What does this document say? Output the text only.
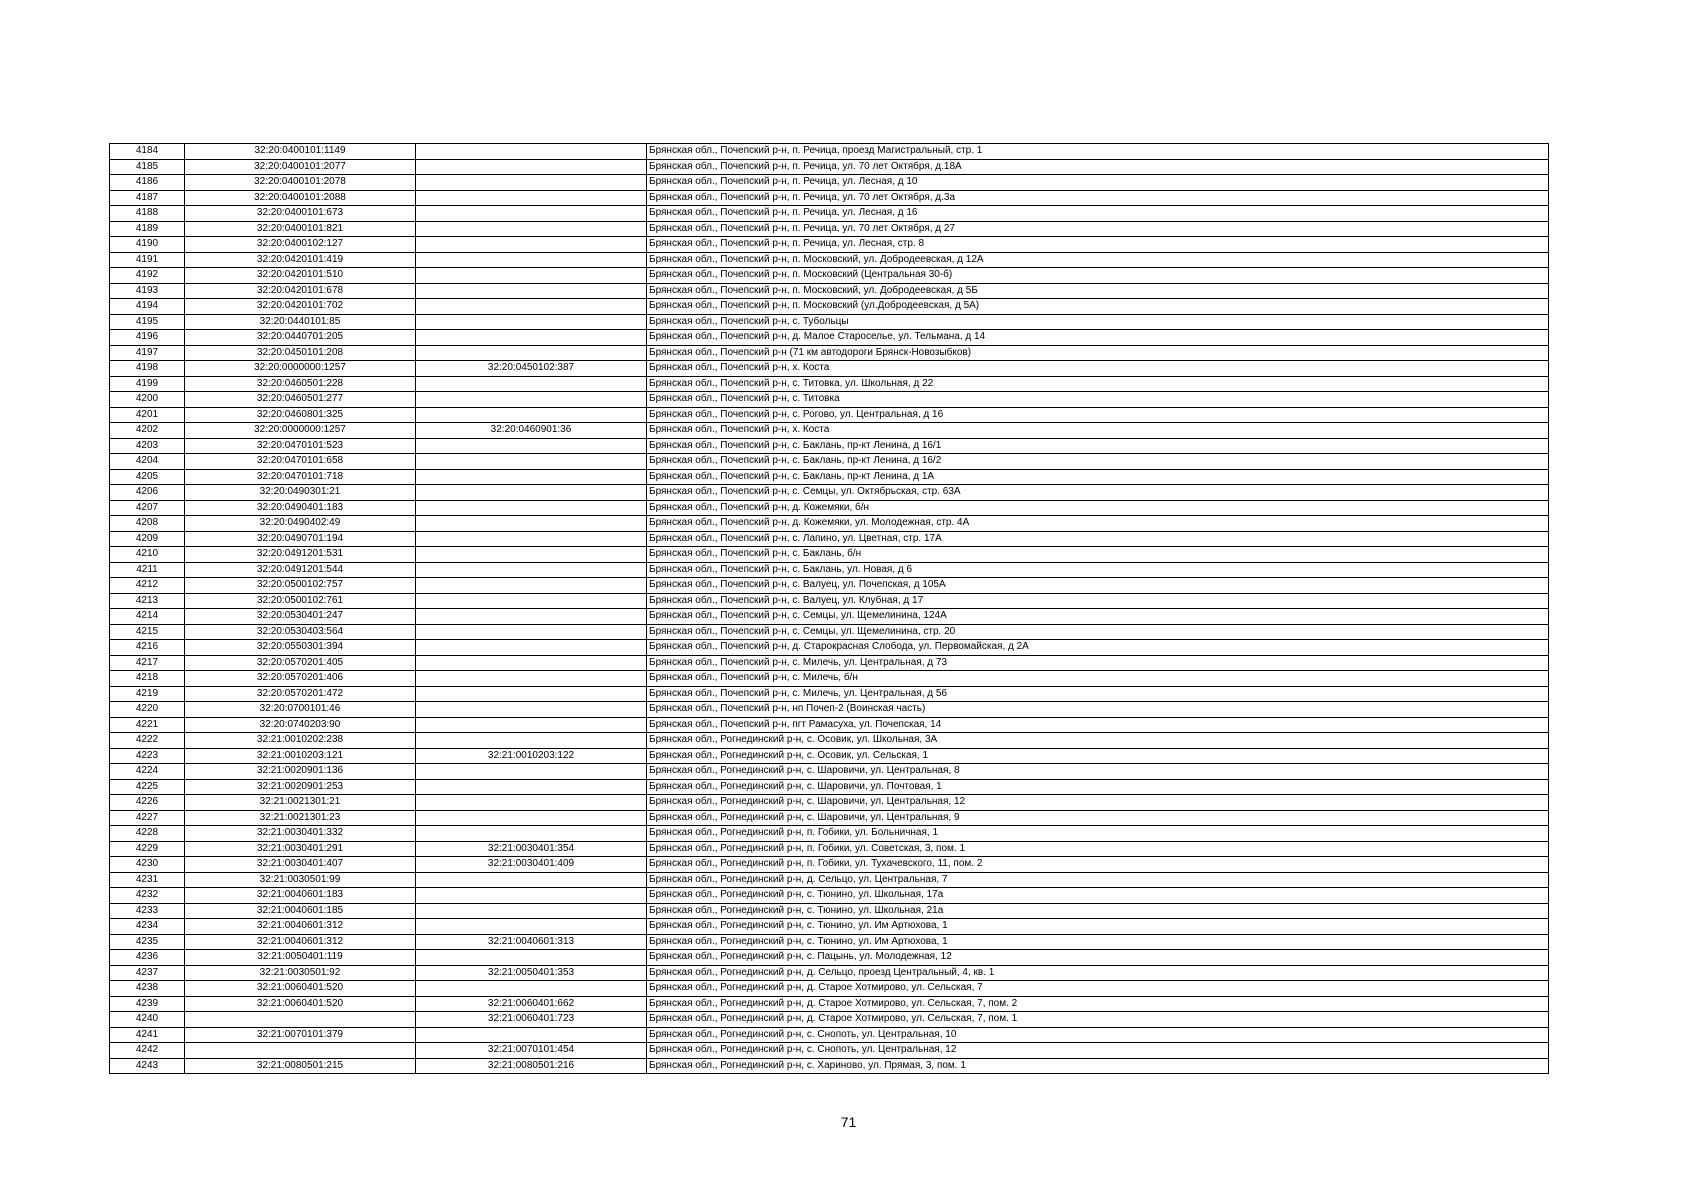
4184	32:20:0400101:1149		Брянская обл., Почепский р-н, п. Речица, проезд Магистральный, стр. 1
4185	32:20:0400101:2077		Брянская обл., Почепский р-н, п. Речица, ул. 70 лет Октября, д.18А
4186	32:20:0400101:2078		Брянская обл., Почепский р-н, п. Речица, ул. Лесная, д 10
4187	32:20:0400101:2088		Брянская обл., Почепский р-н, п. Речица, ул. 70 лет Октября, д.3а
4188	32:20:0400101:673		Брянская обл., Почепский р-н, п. Речица, ул. Лесная, д 16
4189	32:20:0400101:821		Брянская обл., Почепский р-н, п. Речица, ул. 70 лет Октября, д 27
4190	32:20:0400102:127		Брянская обл., Почепский р-н, п. Речица, ул. Лесная, стр. 8
4191	32:20:0420101:419		Брянская обл., Почепский р-н, п. Московский, ул. Добродеевская, д 12А
4192	32:20:0420101:510		Брянская обл., Почепский р-н, п. Московский (Центральная 30-б)
4193	32:20:0420101:678		Брянская обл., Почепский р-н, п. Московский, ул. Добродеевская, д 5Б
4194	32:20:0420101:702		Брянская обл., Почепский р-н, п. Московский (ул.Добродеевская, д 5А)
4195	32:20:0440101:85		Брянская обл., Почепский р-н, с. Тубольцы
4196	32:20:0440701:205		Брянская обл., Почепский р-н, д. Малое Староселье, ул. Тельмана, д 14
4197	32:20:0450101:208		Брянская обл., Почепский р-н (71 км автодороги Брянск-Новозыбков)
4198	32:20:0000000:1257	32:20:0450102:387	Брянская обл., Почепский р-н, х. Коста
4199	32:20:0460501:228		Брянская обл., Почепский р-н, с. Титовка, ул. Школьная, д 22
4200	32:20:0460501:277		Брянская обл., Почепский р-н, с. Титовка
4201	32:20:0460801:325		Брянская обл., Почепский р-н, с. Рогово, ул. Центральная, д 16
4202	32:20:0000000:1257	32:20:0460901:36	Брянская обл., Почепский р-н, х. Коста
4203	32:20:0470101:523		Брянская обл., Почепский р-н, с. Баклань, пр-кт Ленина, д 16/1
4204	32:20:0470101:658		Брянская обл., Почепский р-н, с. Баклань, пр-кт Ленина, д 16/2
4205	32:20:0470101:718		Брянская обл., Почепский р-н, с. Баклань, пр-кт Ленина, д 1А
4206	32:20:0490301:21		Брянская обл., Почепский р-н, с. Семцы, ул. Октябрьская, стр. 63А
4207	32:20:0490401:183		Брянская обл., Почепский р-н, д. Кожемяки, б/н
4208	32:20:0490402:49		Брянская обл., Почепский р-н, д. Кожемяки, ул. Молодежная, стр. 4А
4209	32:20:0490701:194		Брянская обл., Почепский р-н, с. Лапино, ул. Цветная, стр. 17А
4210	32:20:0491201:531		Брянская обл., Почепский р-н, с. Баклань, б/н
4211	32:20:0491201:544		Брянская обл., Почепский р-н, с. Баклань, ул. Новая, д 6
4212	32:20:0500102:757		Брянская обл., Почепский р-н, с. Валуец, ул. Почепская, д 105А
4213	32:20:0500102:761		Брянская обл., Почепский р-н, с. Валуец, ул. Клубная, д 17
4214	32:20:0530401:247		Брянская обл., Почепский р-н, с. Семцы, ул. Щемелинина, 124А
4215	32:20:0530403:564		Брянская обл., Почепский р-н, с. Семцы, ул. Щемелинина, стр. 20
4216	32:20:0550301:394		Брянская обл., Почепский р-н, д. Старокрасная Слобода, ул. Первомайская, д 2А
4217	32:20:0570201:405		Брянская обл., Почепский р-н, с. Милечь, ул. Центральная, д 73
4218	32:20:0570201:406		Брянская обл., Почепский р-н, с. Милечь, б/н
4219	32:20:0570201:472		Брянская обл., Почепский р-н, с. Милечь, ул. Центральная, д 56
4220	32:20:0700101:46		Брянская обл., Почепский р-н, нп Почеп-2 (Воинская часть)
4221	32:20:0740203:90		Брянская обл., Почепский р-н, пгт Рамасуха, ул. Почепская, 14
4222	32:21:0010202:238		Брянская обл., Рогнединский р-н, с. Осовик, ул. Школьная, 3А
4223	32:21:0010203:121	32:21:0010203:122	Брянская обл., Рогнединский р-н, с. Осовик, ул. Сельская, 1
4224	32:21:0020901:136		Брянская обл., Рогнединский р-н, с. Шаровичи, ул. Центральная, 8
4225	32:21:0020901:253		Брянская обл., Рогнединский р-н, с. Шаровичи, ул. Почтовая, 1
4226	32:21:0021301:21		Брянская обл., Рогнединский р-н, с. Шаровичи, ул. Центральная, 12
4227	32:21:0021301:23		Брянская обл., Рогнединский р-н, с. Шаровичи, ул. Центральная, 9
4228	32:21:0030401:332		Брянская обл., Рогнединский р-н, п. Гобики, ул. Больничная, 1
4229	32:21:0030401:291	32:21:0030401:354	Брянская обл., Рогнединский р-н, п. Гобики, ул. Советская, 3, пом. 1
4230	32:21:0030401:407	32:21:0030401:409	Брянская обл., Рогнединский р-н, п. Гобики, ул. Тухачевского, 11, пом. 2
4231	32:21:0030501:99		Брянская обл., Рогнединский р-н, д. Сельцо, ул. Центральная, 7
4232	32:21:0040601:183		Брянская обл., Рогнединский р-н, с. Тюнино, ул. Школьная, 17а
4233	32:21:0040601:185		Брянская обл., Рогнединский р-н, с. Тюнино, ул. Школьная, 21а
4234	32:21:0040601:312		Брянская обл., Рогнединский р-н, с. Тюнино, ул. Им Артюхова, 1
4235	32:21:0040601:312	32:21:0040601:313	Брянская обл., Рогнединский р-н, с. Тюнино, ул. Им Артюхова, 1
4236	32:21:0050401:119		Брянская обл., Рогнединский р-н, с. Пацынь, ул. Молодежная, 12
4237	32:21:0030501:92	32:21:0050401:353	Брянская обл., Рогнединский р-н, д. Сельцо, проезд Центральный, 4, кв. 1
4238	32:21:0060401:520		Брянская обл., Рогнединский р-н, д. Старое Хотмирово, ул. Сельская, 7
4239	32:21:0060401:520	32:21:0060401:662	Брянская обл., Рогнединский р-н, д. Старое Хотмирово, ул. Сельская, 7, пом. 2
4240		32:21:0060401:723	Брянская обл., Рогнединский р-н, д. Старое Хотмирово, ул. Сельская, 7, пом. 1
4241	32:21:0070101:379		Брянская обл., Рогнединский р-н, с. Снопоть, ул. Центральная, 10
4242		32:21:0070101:454	Брянская обл., Рогнединский р-н, с. Снопоть, ул. Центральная, 12
4243	32:21:0080501:215	32:21:0080501:216	Брянская обл., Рогнединский р-н, с. Хариново, ул. Прямая, 3, пом. 1
71
